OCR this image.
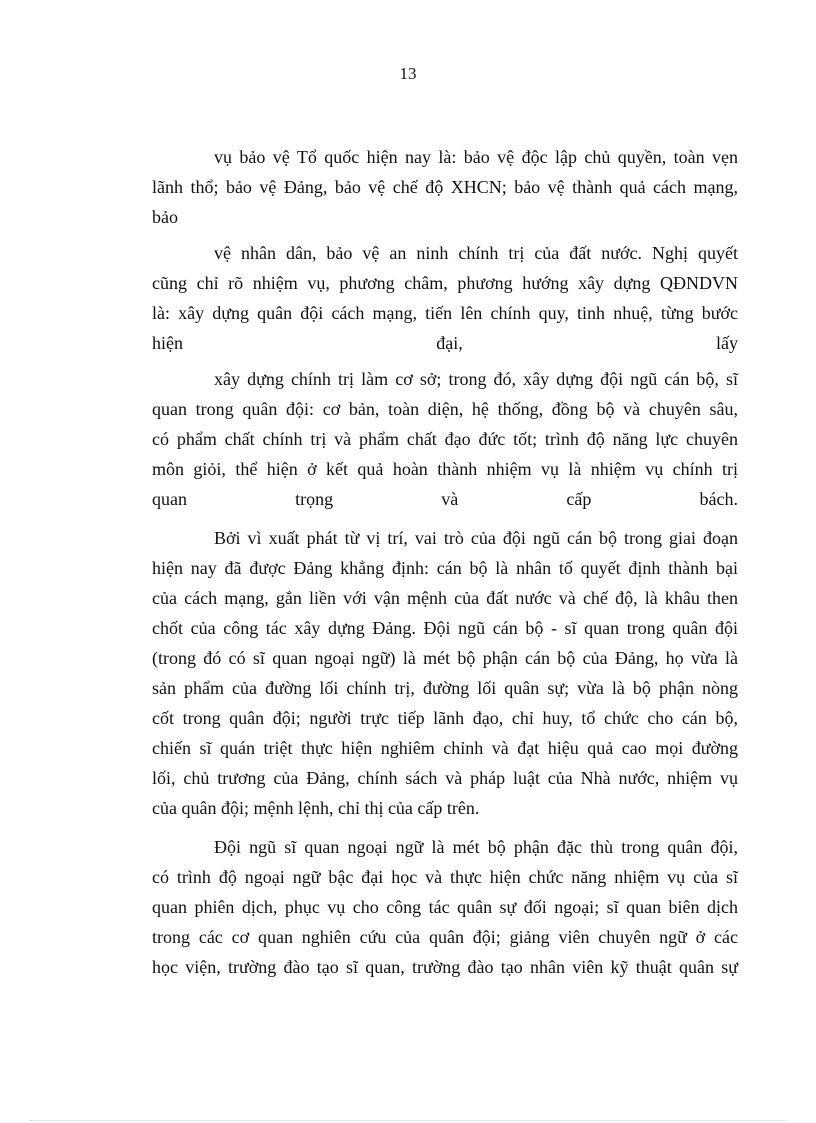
13
vụ bảo vệ Tổ quốc hiện nay là: bảo vệ độc lập chủ quyền, toàn vẹn
lãnh thổ; bảo vệ Đảng, bảo vệ chế độ XHCN; bảo vệ thành quả cách mạng,
bảo
vệ nhân dân, bảo vệ an ninh chính trị của đất nước. Nghị quyết
cũng chỉ rõ nhiệm vụ, phương châm, phương hướng xây dựng QĐNDVN
là: xây dựng quân đội cách mạng, tiến lên chính quy, tinh nhuệ, từng bước
hiện đại, lấy
xây dựng chính trị làm cơ sở; trong đó, xây dựng đội ngũ cán bộ, sĩ
quan trong quân đội: cơ bản, toàn diện, hệ thống, đồng bộ và chuyên sâu,
có phẩm chất chính trị và phẩm chất đạo đức tốt; trình độ năng lực chuyên
môn giỏi, thể hiện ở kết quả hoàn thành nhiệm vụ là nhiệm vụ chính trị
quan trọng và cấp bách.
Bởi vì xuất phát từ vị trí, vai trò của đội ngũ cán bộ trong giai đoạn
hiện nay đã được Đảng khẳng định: cán bộ là nhân tố quyết định thành bại
của cách mạng, gắn liền với vận mệnh của đất nước và chế độ, là khâu then
chốt của công tác xây dựng Đảng. Đội ngũ cán bộ - sĩ quan trong quân đội
(trong đó có sĩ quan ngoại ngữ) là mét bộ phận cán bộ của Đảng, họ vừa là
sản phẩm của đường lối chính trị, đường lối quân sự; vừa là bộ phận nòng
cốt trong quân đội; người trực tiếp lãnh đạo, chỉ huy, tổ chức cho cán bộ,
chiến sĩ quán triệt thực hiện nghiêm chỉnh và đạt hiệu quả cao mọi đường
lối, chủ trương của Đảng, chính sách và pháp luật của Nhà nước, nhiệm vụ
của quân đội; mệnh lệnh, chỉ thị của cấp trên.
Đội ngũ sĩ quan ngoại ngữ là mét bộ phận đặc thù trong quân đội,
có trình độ ngoại ngữ bậc đại học và thực hiện chức năng nhiệm vụ của sĩ
quan phiên dịch, phục vụ cho công tác quân sự đối ngoại; sĩ quan biên dịch
trong các cơ quan nghiên cứu của quân đội; giảng viên chuyên ngữ ở các
học viện, trường đào tạo sĩ quan, trường đào tạo nhân viên kỹ thuật quân sự
